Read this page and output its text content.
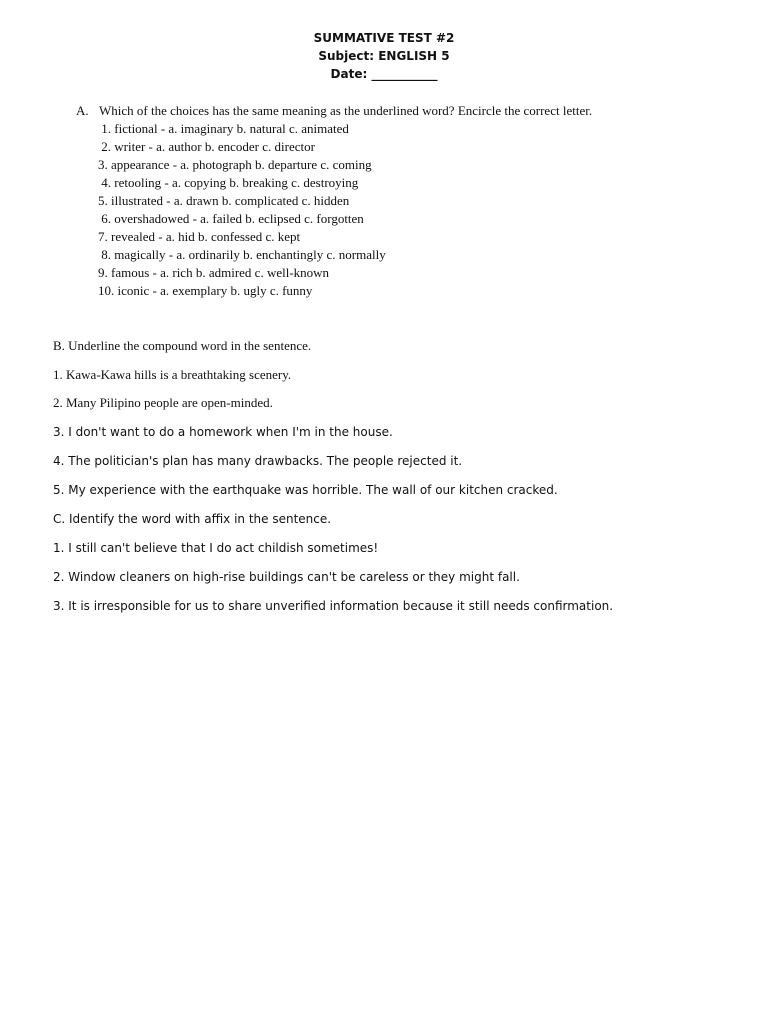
SUMMATIVE TEST #2
Subject: ENGLISH 5
Date: ___________
A. Which of the choices has the same meaning as the underlined word? Encircle the correct letter.
1. fictional - a. imaginary b. natural c. animated
2. writer - a. author b. encoder c. director
3. appearance - a. photograph b. departure c. coming
4. retooling - a. copying b. breaking c. destroying
5. illustrated - a. drawn b. complicated c. hidden
6. overshadowed - a. failed b. eclipsed c. forgotten
7. revealed - a. hid b. confessed c. kept
8. magically - a. ordinarily b. enchantingly c. normally
9. famous - a. rich b. admired c. well-known
10. iconic - a. exemplary b. ugly c. funny
B. Underline the compound word in the sentence.
1. Kawa-Kawa hills is a breathtaking scenery.
2. Many Pilipino people are open-minded.
3. I don't want to do a homework when I'm in the house.
4. The politician's plan has many drawbacks. The people rejected it.
5. My experience with the earthquake was horrible. The wall of our kitchen cracked.
C. Identify the word with affix in the sentence.
1. I still can't believe that I do act childish sometimes!
2. Window cleaners on high-rise buildings can't be careless or they might fall.
3. It is irresponsible for us to share unverified information because it still needs confirmation.
